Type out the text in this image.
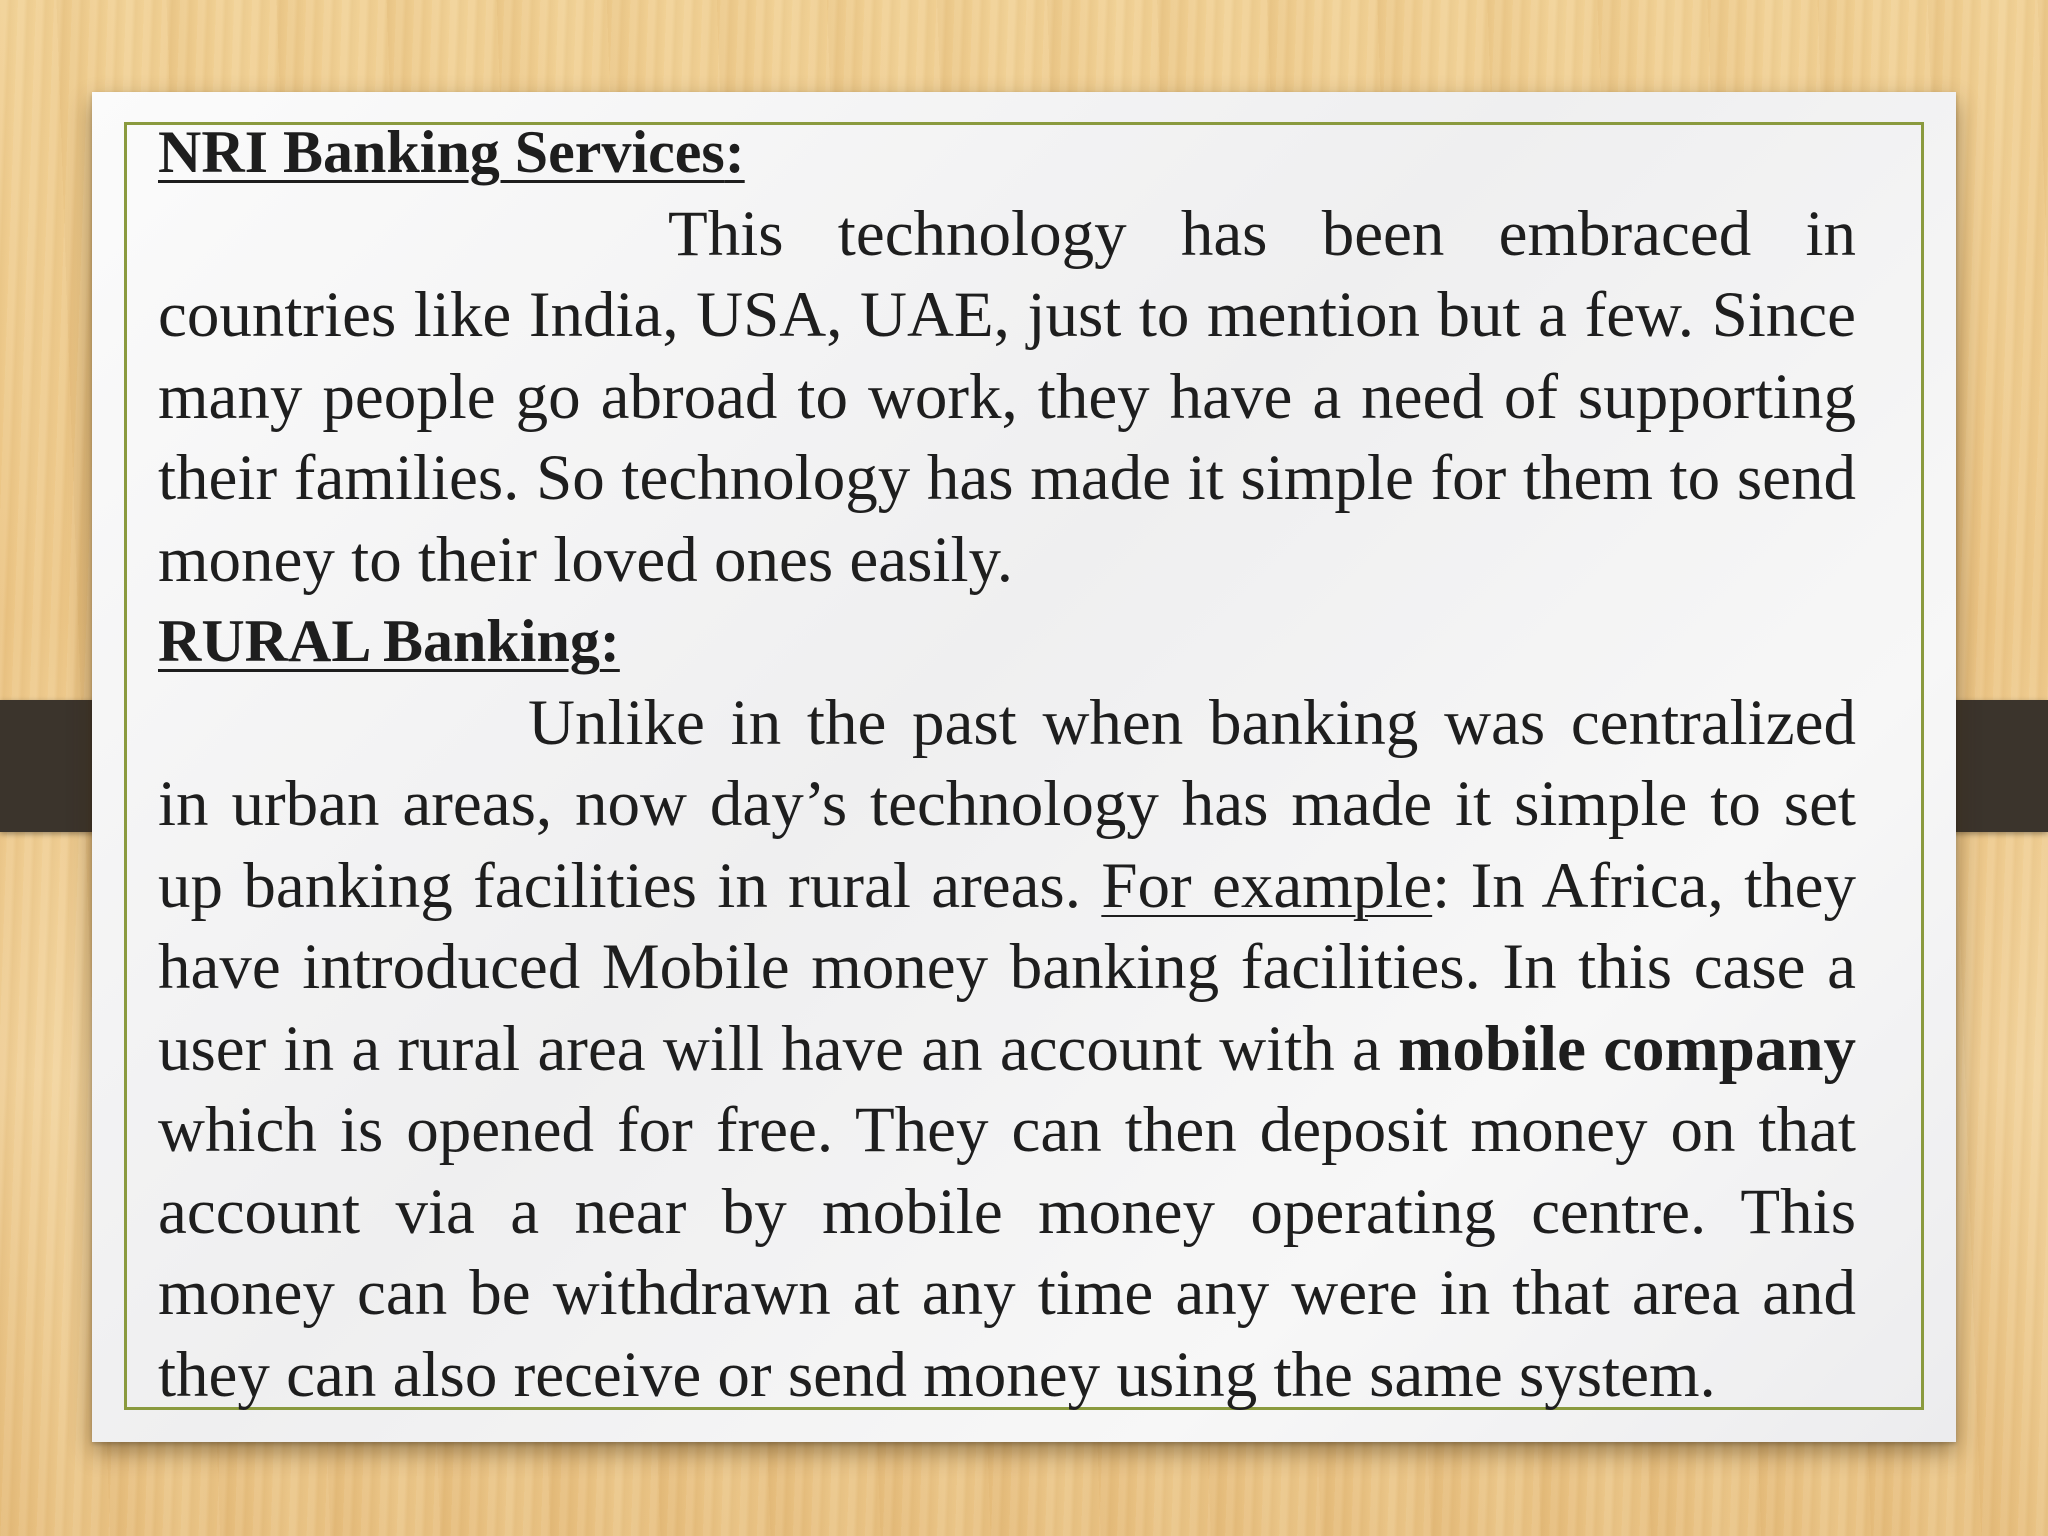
NRI Banking Services:

This technology has been embraced in countries like India, USA, UAE, just to mention but a few. Since many people go abroad to work, they have a need of supporting their families. So technology has made it simple for them to send money to their loved ones easily.

RURAL Banking:

Unlike in the past when banking was centralized in urban areas, now day’s technology has made it simple to set up banking facilities in rural areas. For example: In Africa, they have introduced Mobile money banking facilities. In this case a user in a rural area will have an account with a mobile company which is opened for free. They can then deposit money on that account via a near by mobile money operating centre. This money can be withdrawn at any time any were in that area and they can also receive or send money using the same system.
